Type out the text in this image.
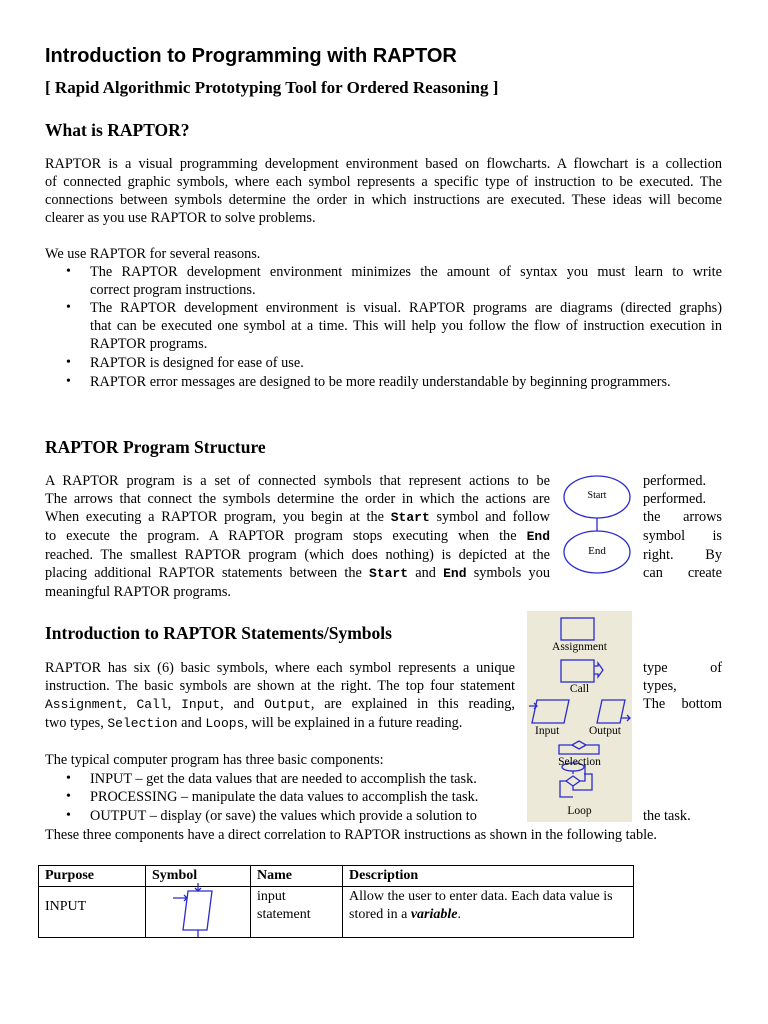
Introduction to Programming with RAPTOR
[ Rapid Algorithmic Prototyping Tool for Ordered Reasoning ]
What is RAPTOR?
RAPTOR Program Structure
Introduction to RAPTOR Statements/Symbols
RAPTOR is a visual programming development environment based on flowcharts. A flowchart is a collection
of connected graphic symbols, where each symbol represents a specific type of instruction to be executed. The
connections between symbols determine the order in which instructions are executed. These ideas will become
clearer as you use RAPTOR to solve problems.
We use RAPTOR for several reasons.
The RAPTOR development environment minimizes the amount of syntax you must learn to write
•
correct program instructions.
The RAPTOR development environment is visual. RAPTOR programs are diagrams (directed graphs)
•
that can be executed one symbol at a time. This will help you follow the flow of instruction execution in
RAPTOR programs.
RAPTOR is designed for ease of use.
•
RAPTOR error messages are designed to be more readily understandable by beginning programmers.
•
A RAPTOR program is a set of connected symbols that represent actions to be
The arrows that connect the symbols determine the order in which the actions are
When executing a RAPTOR program, you begin at the Start symbol and follow
to execute the program. A RAPTOR program stops executing when the End
reached. The smallest RAPTOR program (which does nothing) is depicted at the
placing additional RAPTOR statements between the Start and End symbols you
meaningful RAPTOR programs.
performed.
performed.
the arrows
symbol is
right. By
can create
RAPTOR has six (6) basic symbols, where each symbol represents a unique
instruction. The basic symbols are shown at the right. The top four statement
Assignment, Call, Input, and Output, are explained in this reading,
two types, Selection and Loops, will be explained in a future reading.
type of
types,
The bottom
The typical computer program has three basic components:
INPUT – get the data values that are needed to accomplish the task.
•
PROCESSING – manipulate the data values to accomplish the task.
•
OUTPUT – display (or save) the values which provide a solution to
•	the task.
These three components have a direct correlation to RAPTOR instructions as shown in the following table.
Start
End
Assignment
Call
Input	Output
Selection
Loop
Purpose	Symbol	Name	Description
INPUT		input statement	Allow the user to enter data. Each data value is stored in a variable.
